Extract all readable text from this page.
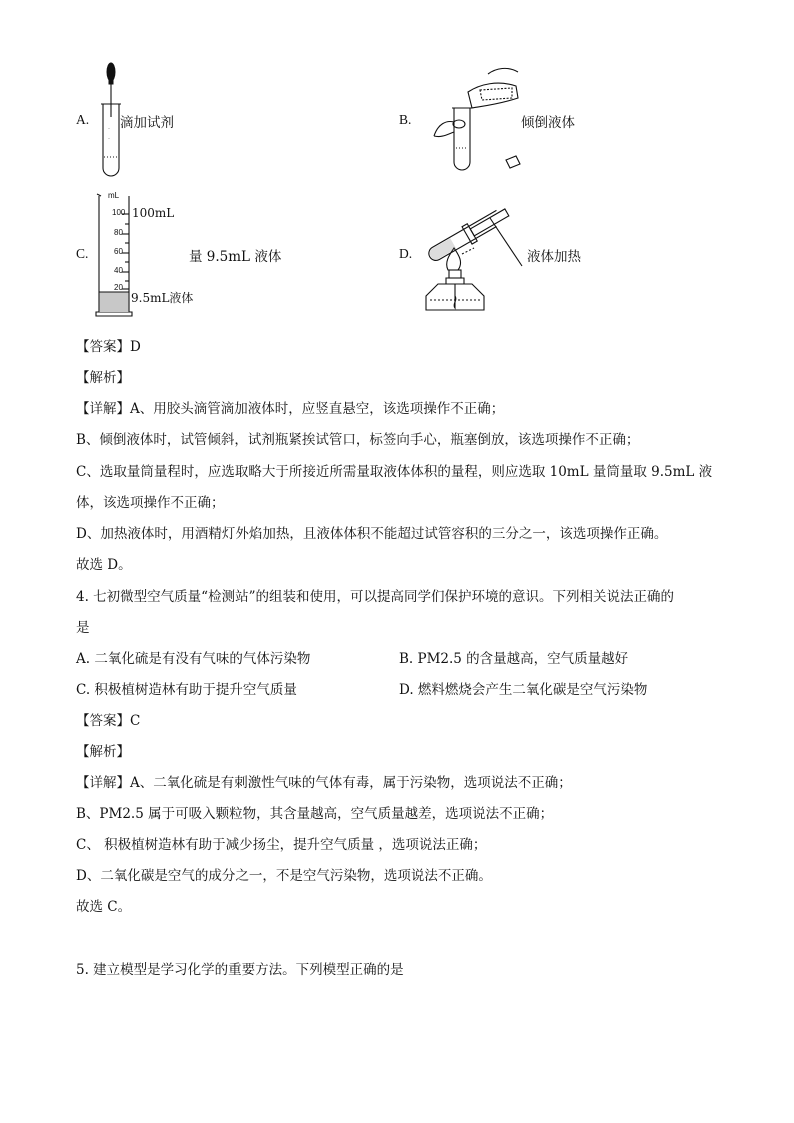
A.
·
·
滴加试剂	B.	倾倒液体
C.
mL
100
80
60
40
20
100mL
9.5mL液体
量 9.5mL 液体	D.	液体加热
【答案】D
【解析】
【详解】A、用胶头滴管滴加液体时，应竖直悬空，该选项操作不正确；
B、倾倒液体时，试管倾斜，试剂瓶紧挨试管口，标签向手心，瓶塞倒放，该选项操作不正确；
C、选取量筒量程时，应选取略大于所接近所需量取液体体积的量程，则应选取 10mL 量筒量取 9.5mL 液
体，该选项操作不正确；
D、加热液体时，用酒精灯外焰加热，且液体体积不能超过试管容积的三分之一，该选项操作正确。
故选 D。
4. 七初微型空气质量“检测站”的组装和使用，可以提高同学们保护环境的意识。下列相关说法正确的
是
A. 二氧化硫是有没有气味的气体污染物	B. PM2.5 的含量越高，空气质量越好
C. 积极植树造林有助于提升空气质量	D. 燃料燃烧会产生二氧化碳是空气污染物
【答案】C
【解析】
【详解】A、二氧化硫是有刺激性气味的气体有毒，属于污染物，选项说法不正确；
B、PM2.5 属于可吸入颗粒物，其含量越高，空气质量越差，选项说法不正确；
C、 积极植树造林有助于减少扬尘，提升空气质量 ，选项说法正确；
D、二氧化碳是空气的成分之一，不是空气污染物，选项说法不正确。
故选 C。
5. 建立模型是学习化学的重要方法。下列模型正确的是
